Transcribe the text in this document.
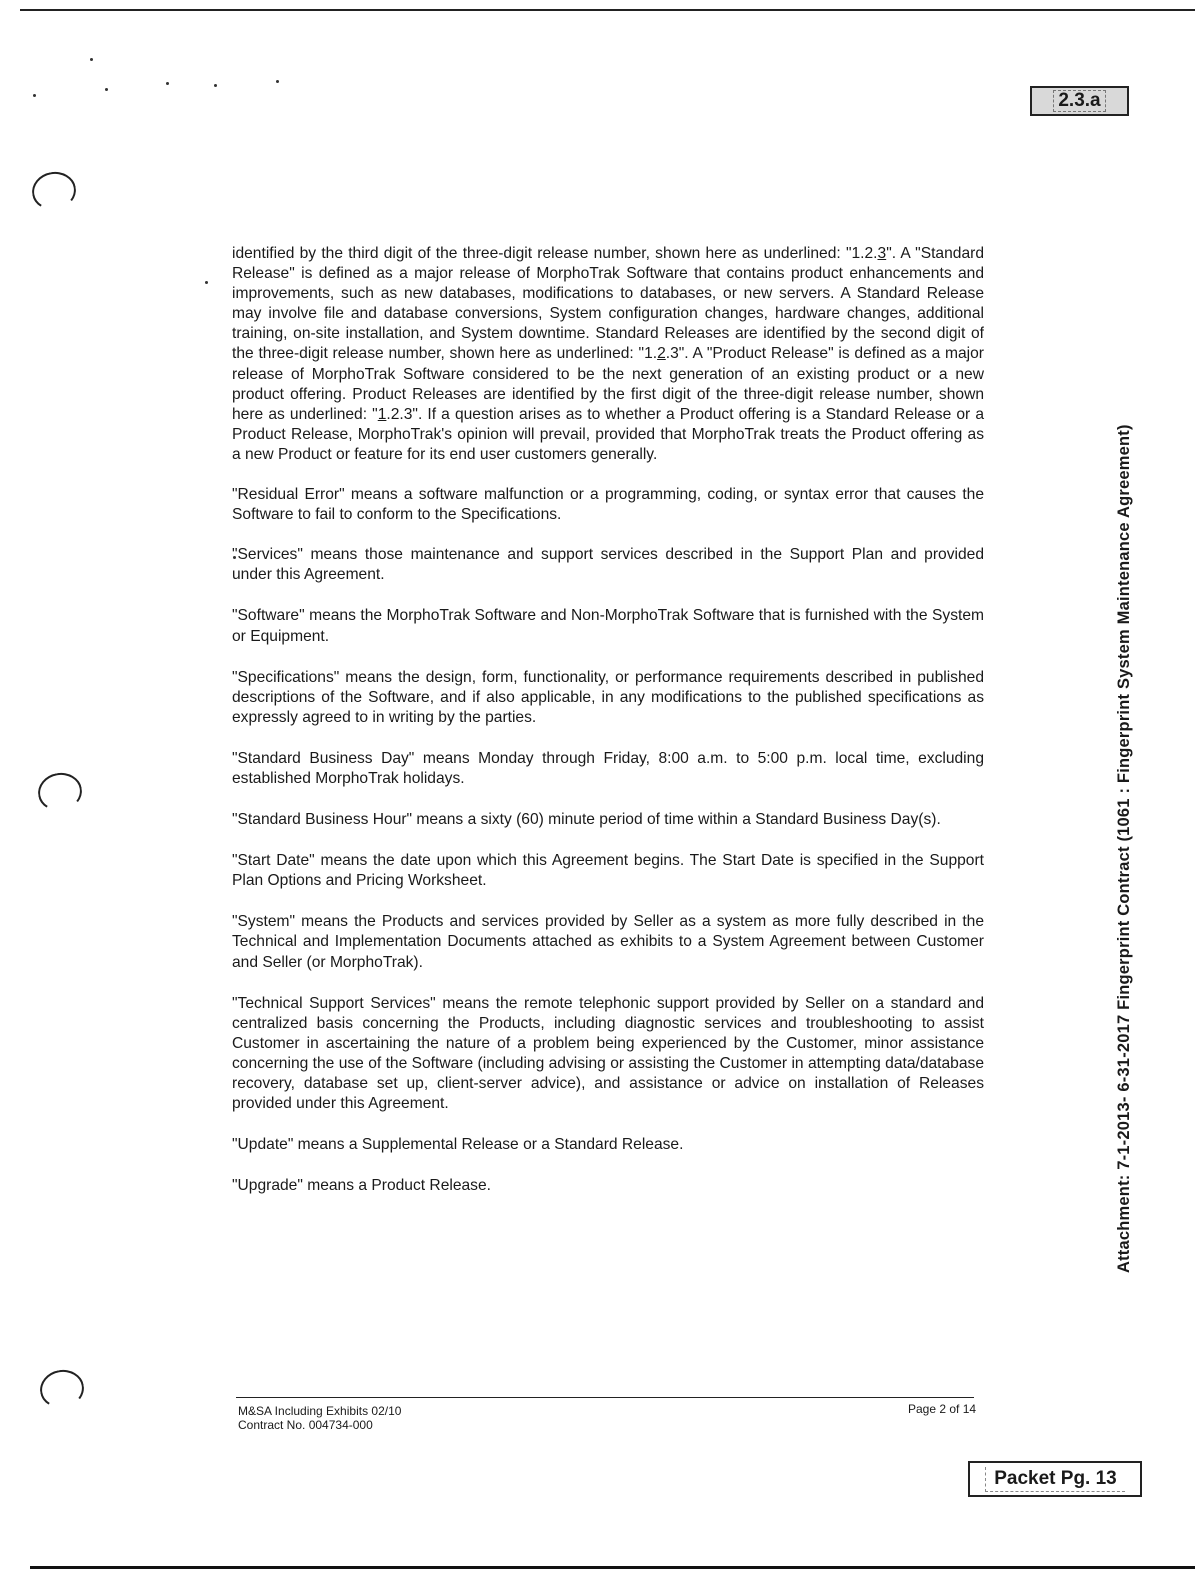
2.3.a
Attachment: 7-1-2013- 6-31-2017 Fingerprint Contract (1061 : Fingerprint System Maintenance Agreement)

identified by the third digit of the three-digit release number, shown here as underlined: "1.2.3". A "Standard Release" is defined as a major release of MorphoTrak Software that contains product enhancements and improvements, such as new databases, modifications to databases, or new servers. A Standard Release may involve file and database conversions, System configuration changes, hardware changes, additional training, on-site installation, and System downtime. Standard Releases are identified by the second digit of the three-digit release number, shown here as underlined: "1.2.3". A "Product Release" is defined as a major release of MorphoTrak Software considered to be the next generation of an existing product or a new product offering. Product Releases are identified by the first digit of the three-digit release number, shown here as underlined: "1.2.3". If a question arises as to whether a Product offering is a Standard Release or a Product Release, MorphoTrak's opinion will prevail, provided that MorphoTrak treats the Product offering as a new Product or feature for its end user customers generally.

"Residual Error" means a software malfunction or a programming, coding, or syntax error that causes the Software to fail to conform to the Specifications.

"Services" means those maintenance and support services described in the Support Plan and provided under this Agreement.

"Software" means the MorphoTrak Software and Non-MorphoTrak Software that is furnished with the System or Equipment.

"Specifications" means the design, form, functionality, or performance requirements described in published descriptions of the Software, and if also applicable, in any modifications to the published specifications as expressly agreed to in writing by the parties.

"Standard Business Day" means Monday through Friday, 8:00 a.m. to 5:00 p.m. local time, excluding established MorphoTrak holidays.

"Standard Business Hour" means a sixty (60) minute period of time within a Standard Business Day(s).

"Start Date" means the date upon which this Agreement begins. The Start Date is specified in the Support Plan Options and Pricing Worksheet.

"System" means the Products and services provided by Seller as a system as more fully described in the Technical and Implementation Documents attached as exhibits to a System Agreement between Customer and Seller (or MorphoTrak).

"Technical Support Services" means the remote telephonic support provided by Seller on a standard and centralized basis concerning the Products, including diagnostic services and troubleshooting to assist Customer in ascertaining the nature of a problem being experienced by the Customer, minor assistance concerning the use of the Software (including advising or assisting the Customer in attempting data/database recovery, database set up, client-server advice), and assistance or advice on installation of Releases provided under this Agreement.

"Update" means a Supplemental Release or a Standard Release.

"Upgrade" means a Product Release.

M&SA Including Exhibits 02/10
Contract No. 004734-000
Page 2 of 14
Packet Pg. 13
